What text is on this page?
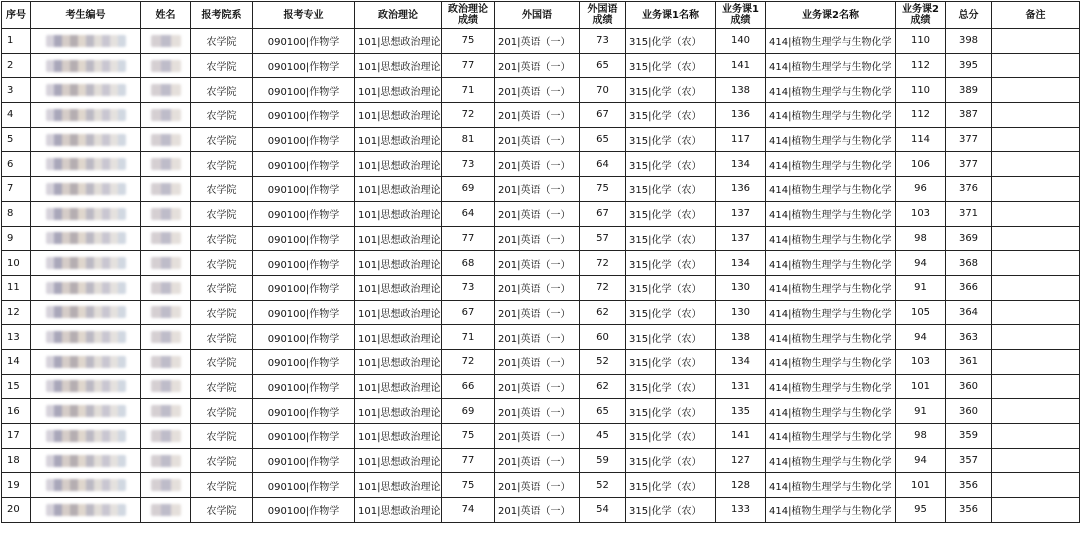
序号	考生编号	姓名	报考院系	报考专业	政治理论	政治理论成绩	外国语	外国语成绩	业务课1名称	业务课1成绩	业务课2名称	业务课2成绩	总分	备注
1			农学院	090100|作物学	101|思想政治理论	75	201|英语（一）	73	315|化学（农）	140	414|植物生理学与生物化学	110	398	
2			农学院	090100|作物学	101|思想政治理论	77	201|英语（一）	65	315|化学（农）	141	414|植物生理学与生物化学	112	395	
3			农学院	090100|作物学	101|思想政治理论	71	201|英语（一）	70	315|化学（农）	138	414|植物生理学与生物化学	110	389	
4			农学院	090100|作物学	101|思想政治理论	72	201|英语（一）	67	315|化学（农）	136	414|植物生理学与生物化学	112	387	
5			农学院	090100|作物学	101|思想政治理论	81	201|英语（一）	65	315|化学（农）	117	414|植物生理学与生物化学	114	377	
6			农学院	090100|作物学	101|思想政治理论	73	201|英语（一）	64	315|化学（农）	134	414|植物生理学与生物化学	106	377	
7			农学院	090100|作物学	101|思想政治理论	69	201|英语（一）	75	315|化学（农）	136	414|植物生理学与生物化学	96	376	
8			农学院	090100|作物学	101|思想政治理论	64	201|英语（一）	67	315|化学（农）	137	414|植物生理学与生物化学	103	371	
9			农学院	090100|作物学	101|思想政治理论	77	201|英语（一）	57	315|化学（农）	137	414|植物生理学与生物化学	98	369	
10			农学院	090100|作物学	101|思想政治理论	68	201|英语（一）	72	315|化学（农）	134	414|植物生理学与生物化学	94	368	
11			农学院	090100|作物学	101|思想政治理论	73	201|英语（一）	72	315|化学（农）	130	414|植物生理学与生物化学	91	366	
12			农学院	090100|作物学	101|思想政治理论	67	201|英语（一）	62	315|化学（农）	130	414|植物生理学与生物化学	105	364	
13			农学院	090100|作物学	101|思想政治理论	71	201|英语（一）	60	315|化学（农）	138	414|植物生理学与生物化学	94	363	
14			农学院	090100|作物学	101|思想政治理论	72	201|英语（一）	52	315|化学（农）	134	414|植物生理学与生物化学	103	361	
15			农学院	090100|作物学	101|思想政治理论	66	201|英语（一）	62	315|化学（农）	131	414|植物生理学与生物化学	101	360	
16			农学院	090100|作物学	101|思想政治理论	69	201|英语（一）	65	315|化学（农）	135	414|植物生理学与生物化学	91	360	
17			农学院	090100|作物学	101|思想政治理论	75	201|英语（一）	45	315|化学（农）	141	414|植物生理学与生物化学	98	359	
18			农学院	090100|作物学	101|思想政治理论	77	201|英语（一）	59	315|化学（农）	127	414|植物生理学与生物化学	94	357	
19			农学院	090100|作物学	101|思想政治理论	75	201|英语（一）	52	315|化学（农）	128	414|植物生理学与生物化学	101	356	
20			农学院	090100|作物学	101|思想政治理论	74	201|英语（一）	54	315|化学（农）	133	414|植物生理学与生物化学	95	356	
